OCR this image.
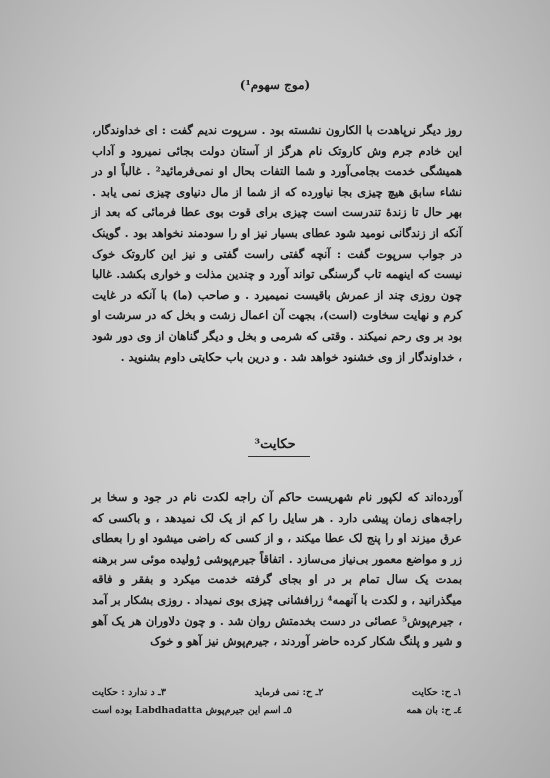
(موج سهوم¹)
روز دیگر نرپاهدت با الکارون نشسته بود . سرپوت ندیم گفت : ای خداوندگار، این خادم جرم وش کاروتک نام هرگز از آستان دولت بجائی نمیرود و آداب همیشگی خدمت بجامی‌آورد و شما التفات بحال او نمی‌فرمائید² . غالباً او در نشاء سابق هیچ چیزی بجا نیاورده که از شما از مال دنیاوی چیزی نمی یابد . بهر حال تا زندهٔ تندرست است چیزی برای قوت بوی عطا فرمائی که بعد از آنکه از زندگانی نومید شود عطای بسیار نیز او را سودمند نخواهد بود . گوینک در جواب سرپوت گفت : آنچه گفتی راست گفتی و نیز این کاروتک خوک نیست که اینهمه تاب گرسنگی تواند آورد و چندین مذلت و خواری بکشد. غالبا چون روزی چند از عمرش باقیست نمیمیرد . و صاحب (ما) با آنکه در غایت کرم و نهایت سخاوت (است)، بجهت آن اعمال زشت و بخل که در سرشت او بود بر وی رحم نمیکند . وقتی که شرمی و بخل و دیگر گناهان از وی دور شود ، خداوندگار از وی خشنود خواهد شد . و درین باب حکایتی داوم بشنوید .
حکایت³
آورده‌اند که لکپور نام شهریست حاکم آن راجه لکدت نام در جود و سخا بر راجه‌های زمان پیشی دارد . هر سایل را کم از یک لک نمیدهد ، و باکسی که عرق میزند او را پنج لک عطا میکند ، و از کسی که راضی میشود او را بعطای زر و مواضع معمور بی‌نیاز می‌سازد . اتفاقاً جیرم‌پوشی ژولیده موئی سر برهنه بمدت یک سال تمام بر در او بجای گرفته خدمت میکرد و بفقر و فاقه میگذرانید ، و لکدت با آنهمه⁴ زرافشانی چیزی بوی نمیداد . روزی بشکار بر آمد ، جیرم‌پوش⁵ عصائی در دست بخدمتش روان شد . و چون دلاوران هر یک آهو و شیر و پلنگ شکار کرده حاضر آوردند ، جیرم‌پوش نیز آهو و خوک
١ـ ح: حکایت
٢ـ ح: نمی فرماید
٣ـ د ندارد : حکایت
٤ـ ح: بان همه
٥ـ اسم این جیرم‌پوش Labdhadatta بوده است
